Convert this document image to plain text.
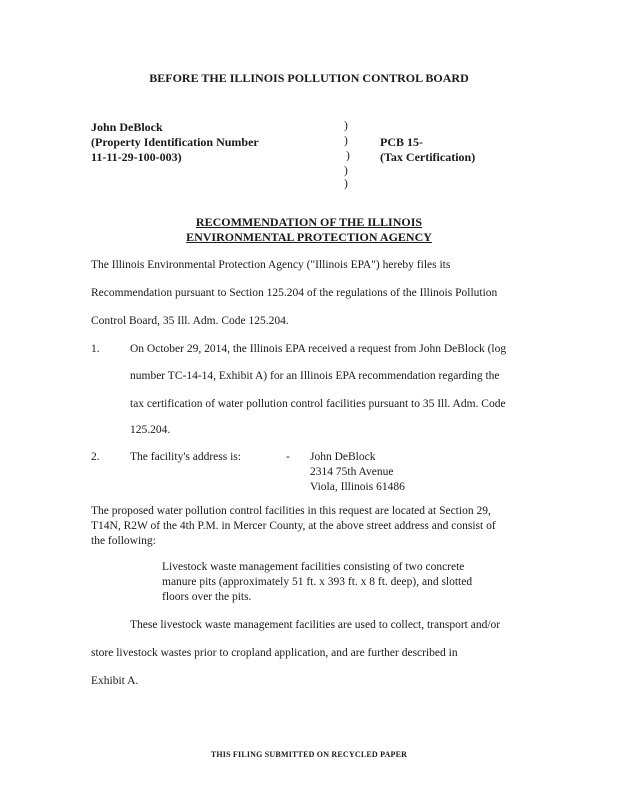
BEFORE THE ILLINOIS POLLUTION CONTROL BOARD
John DeBlock
(Property Identification Number
11-11-29-100-003)
)
)
)
)
)
PCB 15-
(Tax Certification)
RECOMMENDATION OF THE ILLINOIS
ENVIRONMENTAL PROTECTION AGENCY
The Illinois Environmental Protection Agency ("Illinois EPA") hereby files its
Recommendation pursuant to Section 125.204 of the regulations of the Illinois Pollution
Control Board, 35 Ill. Adm. Code 125.204.
1.	On October 29, 2014, the Illinois EPA received a request from John DeBlock (log
number TC-14-14, Exhibit A) for an Illinois EPA recommendation regarding the
tax certification of water pollution control facilities pursuant to 35 Ill. Adm. Code
125.204.
2.	The facility's address is:	- John DeBlock
2314 75th Avenue
Viola, Illinois 61486
The proposed water pollution control facilities in this request are located at Section 29,
T14N, R2W of the 4th P.M. in Mercer County, at the above street address and consist of
the following:
Livestock waste management facilities consisting of two concrete
manure pits (approximately 51 ft. x 393 ft. x 8 ft. deep), and slotted
floors over the pits.
These livestock waste management facilities are used to collect, transport and/or
store livestock wastes prior to cropland application, and are further described in
Exhibit A.
THIS FILING SUBMITTED ON RECYCLED PAPER
